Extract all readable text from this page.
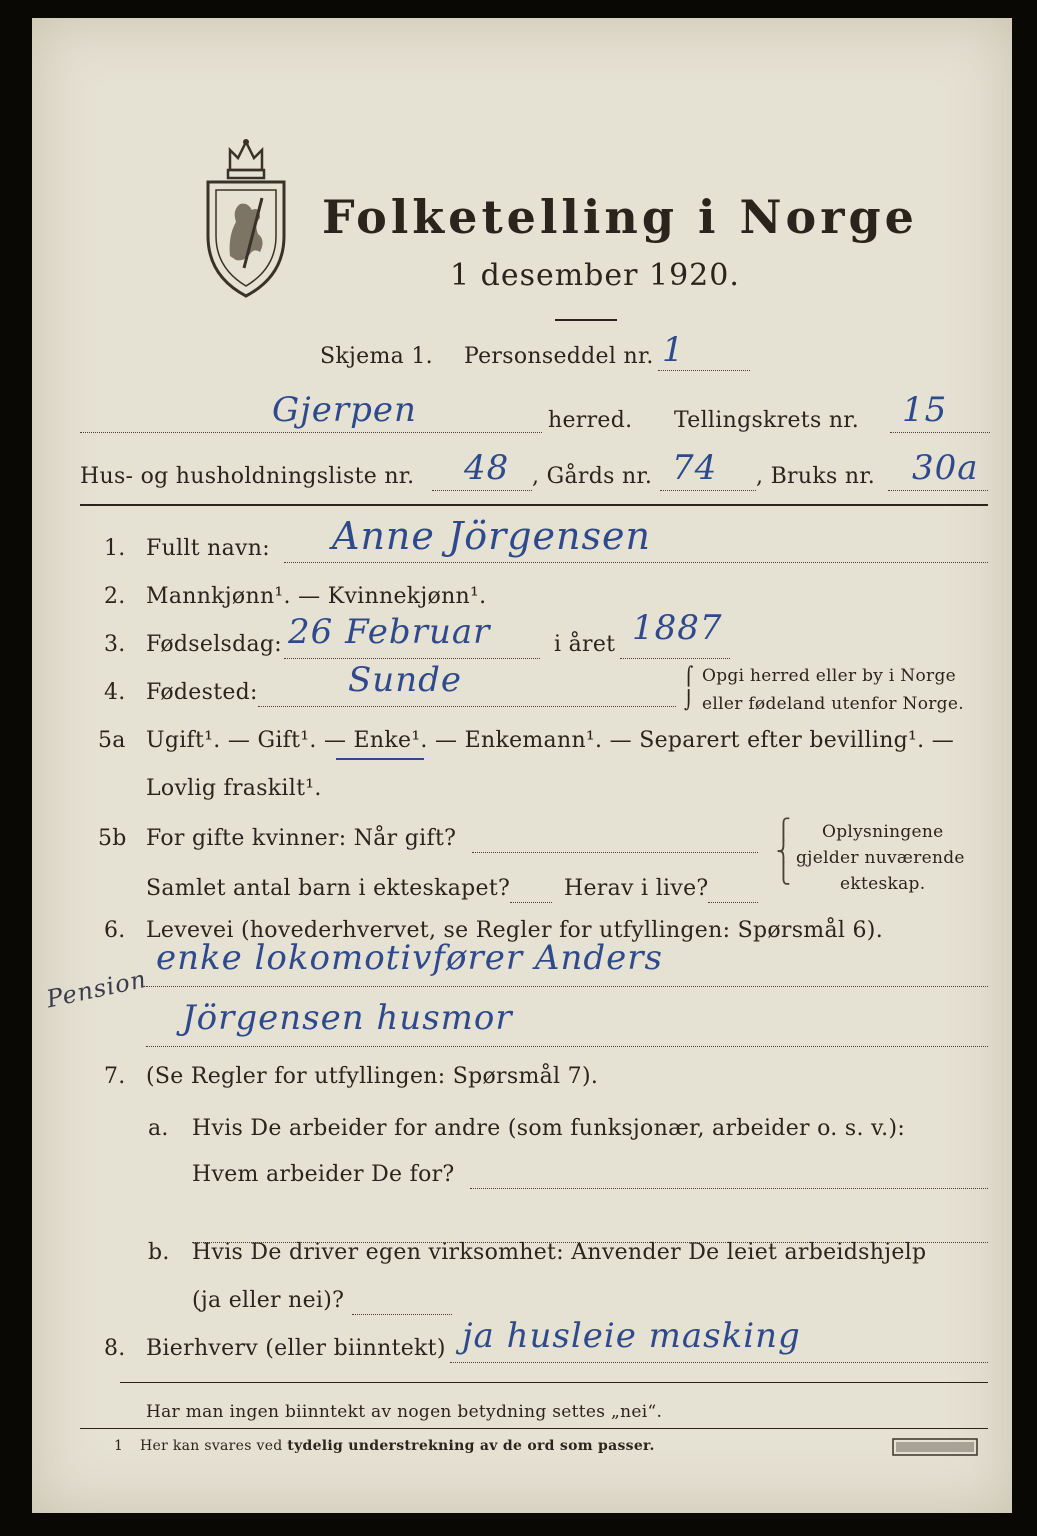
Folketelling i Norge
1 desember 1920.
Skjema 1. Personseddel nr. 1
Gjerpen	herred. Tellingskrets nr. 15
Hus- og husholdningsliste nr. 48 , Gårds nr. 74 , Bruks nr. 30a
1. Fullt navn: Anne Jörgensen
2. Mannkjønn¹. — Kvinnekjønn¹.
3. Fødselsdag: 26 Februar	i året 1887
4. Fødested:	Sunde	⌠
⌡
Opgi herred eller by i Norge
eller fødeland utenfor Norge.
5a Ugift¹. — Gift¹. — Enke¹. — Enkemann¹. — Separert efter bevilling¹. —
Lovlig fraskilt¹.
5b For gifte kvinner: Når gift?
Samlet antal barn i ekteskapet? Herav i live?
⎧
⎨
⎩
Oplysningene
gjelder nuværende
ekteskap.
6. Levevei (hovederhvervet, se Regler for utfyllingen: Spørsmål 6).
enke lokomotivfører Anders
Jörgensen husmor
Pension
7. (Se Regler for utfyllingen: Spørsmål 7).
a. Hvis De arbeider for andre (som funksjonær, arbeider o. s. v.):
Hvem arbeider De for?
b. Hvis De driver egen virksomhet: Anvender De leiet arbeidshjelp
(ja eller nei)?
8. Bierhverv (eller biinntekt) ja husleie masking
Har man ingen biinntekt av nogen betydning settes „nei“.
1 Her kan svares ved tydelig understrekning av de ord som passer.
